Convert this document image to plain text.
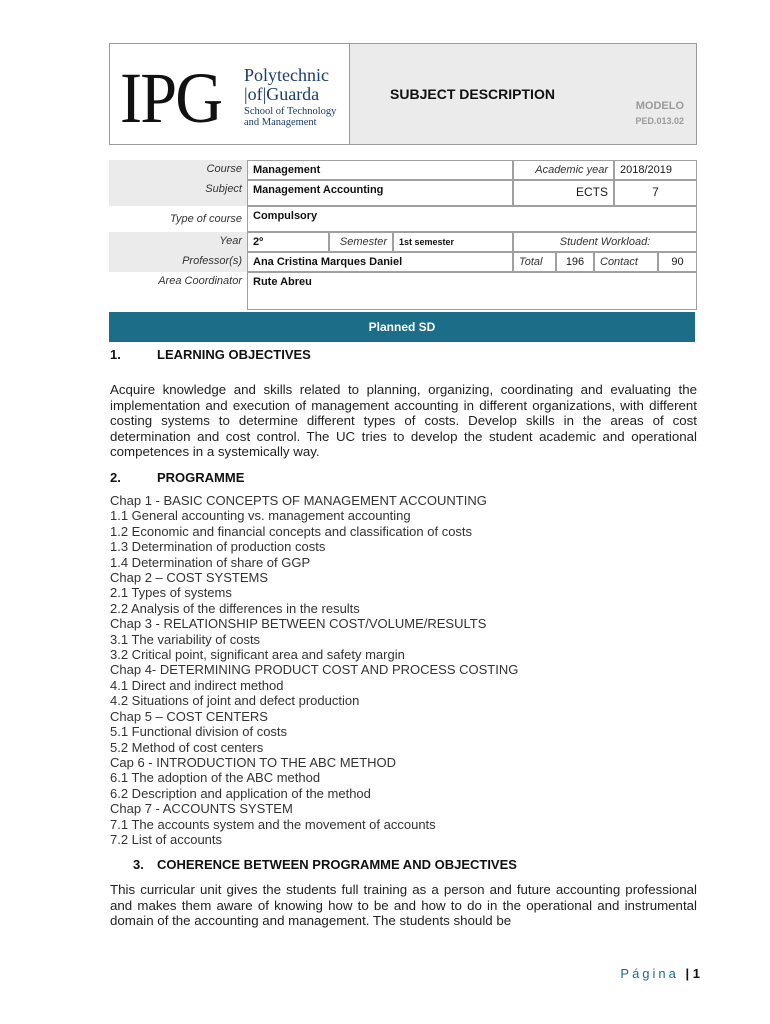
IPG Polytechnic
|of|Guarda
School of Technology
and Management
SUBJECT DESCRIPTION
MODELO
PED.013.02
Course	Management	Academic year	2018/2019
Subject	Management Accounting	ECTS	7
Type of course	Compulsory
Year	2º	Semester	1st semester	Student Workload:
Professor(s)	Ana Cristina Marques Daniel	Total	196	Contact	90
Area Coordinator	Rute Abreu
Planned SD
1.	LEARNING OBJECTIVES
Acquire knowledge and skills related to planning, organizing, coordinating and evaluating the implementation and execution of management accounting in different organizations, with different costing systems to determine different types of costs. Develop skills in the areas of cost determination and cost control. The UC tries to develop the student academic and operational competences in a systemically way.
2.	PROGRAMME
Chap 1 - BASIC CONCEPTS OF MANAGEMENT ACCOUNTING
1.1 General accounting vs. management accounting
1.2 Economic and financial concepts and classification of costs
1.3 Determination of production costs
1.4 Determination of share of GGP
Chap 2 – COST SYSTEMS
2.1 Types of systems
2.2 Analysis of the differences in the results
Chap 3 - RELATIONSHIP BETWEEN COST/VOLUME/RESULTS
3.1 The variability of costs
3.2 Critical point, significant area and safety margin
Chap 4- DETERMINING PRODUCT COST AND PROCESS COSTING
4.1 Direct and indirect method
4.2 Situations of joint and defect production
Chap 5 – COST CENTERS
5.1 Functional division of costs
5.2 Method of cost centers
Cap 6 - INTRODUCTION TO THE ABC METHOD
6.1 The adoption of the ABC method
6.2 Description and application of the method
Chap 7 - ACCOUNTS SYSTEM
7.1 The accounts system and the movement of accounts
7.2 List of accounts
3. COHERENCE BETWEEN PROGRAMME AND OBJECTIVES
This curricular unit gives the students full training as a person and future accounting professional and makes them aware of knowing how to be and how to do in the operational and instrumental domain of the accounting and management. The students should be
Página | 1
